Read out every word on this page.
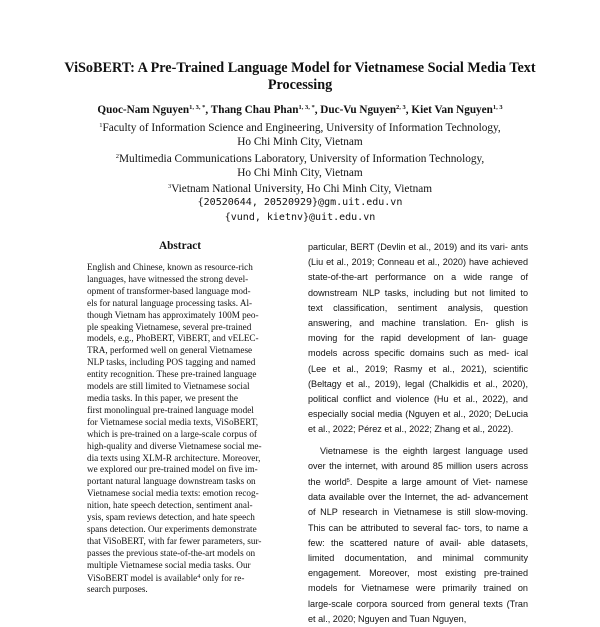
ViSoBERT: A Pre-Trained Language Model for Vietnamese Social Media Text Processing
Quoc-Nam Nguyen$^{1, 3, *}$, Thang Chau Phan$^{1, 3, *}$, Duc-Vu Nguyen$^{2, 3}$, Kiet Van Nguyen$^{1, 3}$
$^1$Faculty of Information Science and Engineering, University of Information Technology,
Ho Chi Minh City, Vietnam
$^2$Multimedia Communications Laboratory, University of Information Technology,
Ho Chi Minh City, Vietnam
$^3$Vietnam National University, Ho Chi Minh City, Vietnam
{20520644, 20520929}@gm.uit.edu.vn
{vund, kietnv}@uit.edu.vn
Abstract

English and Chinese, known as resource-rich

languages, have witnessed the strong devel-

opment of transformer-based language mod-

els for natural language processing tasks. Al-

though Vietnam has approximately 100M peo-

ple speaking Vietnamese, several pre-trained

models, e.g., PhoBERT, ViBERT, and vELEC-

TRA, performed well on general Vietnamese

NLP tasks, including POS tagging and named

entity recognition. These pre-trained language

models are still limited to Vietnamese social

media tasks. In this paper, we present the

first monolingual pre-trained language model

for Vietnamese social media texts, ViSoBERT,

which is pre-trained on a large-scale corpus of

high-quality and diverse Vietnamese social me-

dia texts using XLM-R architecture. Moreover,

we explored our pre-trained model on five im-

portant natural language downstream tasks on

Vietnamese social media texts: emotion recog-

nition, hate speech detection, sentiment anal-

ysis, spam reviews detection, and hate speech

spans detection. Our experiments demonstrate

that ViSoBERT, with far fewer parameters, sur-

passes the previous state-of-the-art models on

multiple Vietnamese social media tasks. Our

ViSoBERT model is available$^4$ only for re-

search purposes.

particular, BERT (Devlin et al., 2019) and its vari- ants (Liu et al., 2019; Conneau et al., 2020) have achieved state-of-the-art performance on a wide range of downstream NLP tasks, including but not limited to text classification, sentiment analysis, question answering, and machine translation. En- glish is moving for the rapid development of lan- guage models across specific domains such as med- ical (Lee et al., 2019; Rasmy et al., 2021), scientific (Beltagy et al., 2019), legal (Chalkidis et al., 2020), political conflict and violence (Hu et al., 2022), and especially social media (Nguyen et al., 2020; DeLucia et al., 2022; Pérez et al., 2022; Zhang et al., 2022).

Vietnamese is the eighth largest language used over the internet, with around 85 million users across the world$^5$. Despite a large amount of Viet- namese data available over the Internet, the ad- advancement of NLP research in Vietnamese is still slow-moving. This can be attributed to several fac- tors, to name a few: the scattered nature of avail- able datasets, limited documentation, and minimal community engagement. Moreover, most existing pre-trained models for Vietnamese were primarily trained on large-scale corpora sourced from general texts (Tran et al., 2020; Nguyen and Tuan Nguyen,
